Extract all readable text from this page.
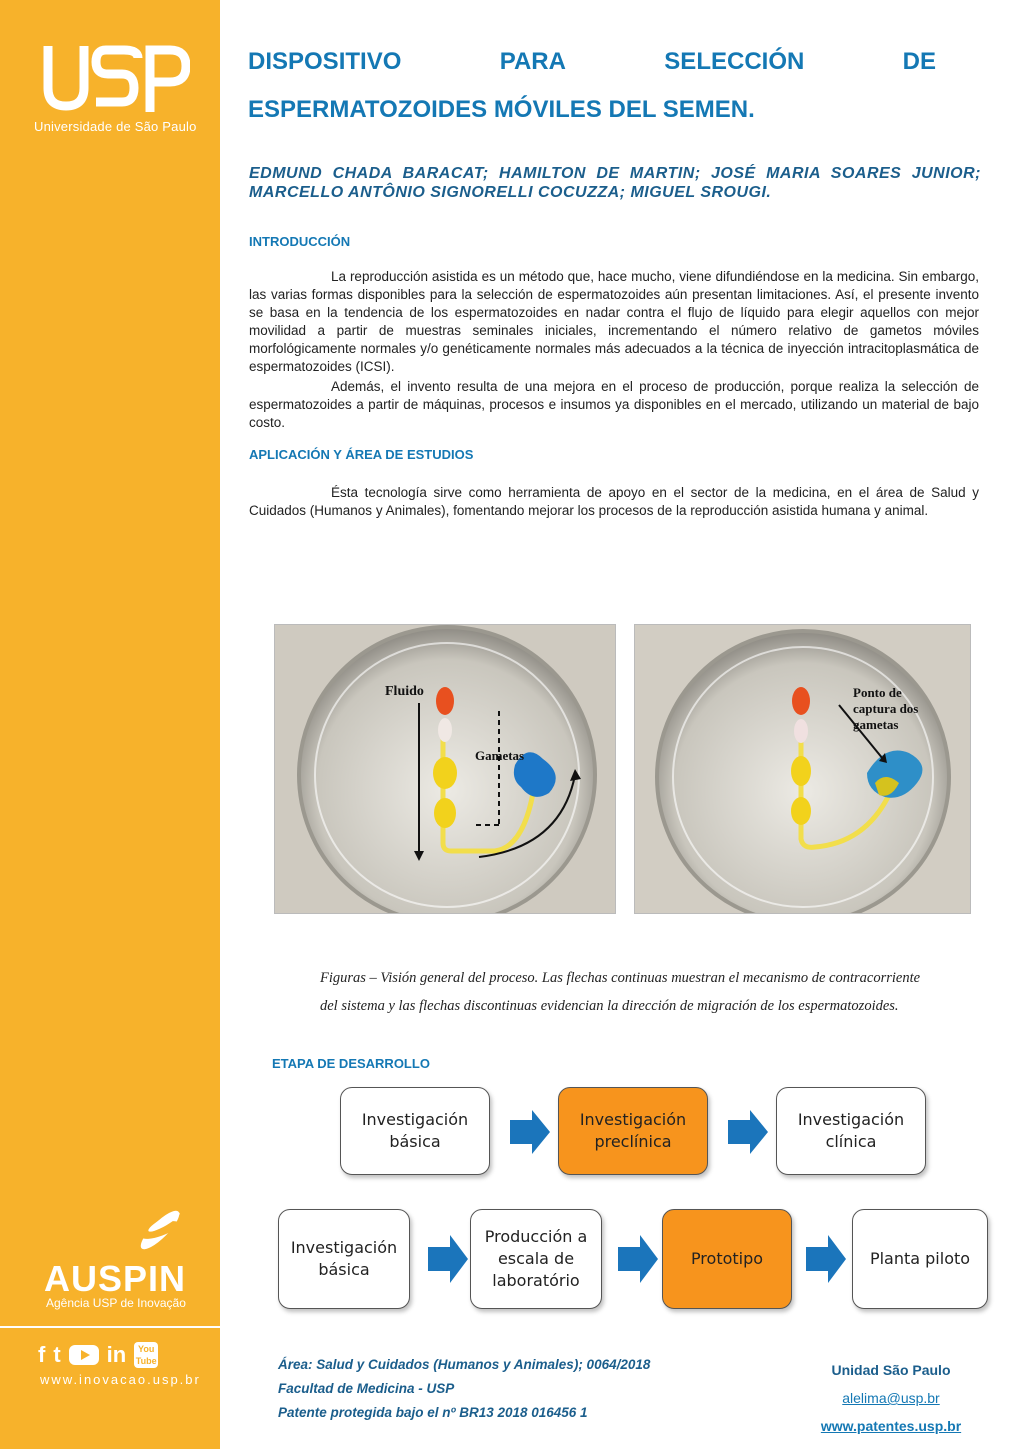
Universidade de São Paulo
AUSPIN
Agência USP de Inovação
f t in	You Tube
www.inovacao.usp.br
DISPOSITIVO	PARA	SELECCIÓN	DE
ESPERMATOZOIDES MÓVILES DEL SEMEN.
EDMUND CHADA BARACAT; HAMILTON DE MARTIN; JOSÉ MARIA SOARES JUNIOR; MARCELLO ANTÔNIO SIGNORELLI COCUZZA; MIGUEL SROUGI.
INTRODUCCIÓN
La reproducción asistida es un método que, hace mucho, viene difundiéndose en la medicina. Sin embargo, las varias formas disponibles para la selección de espermatozoides aún presentan limitaciones. Así, el presente invento se basa en la tendencia de los espermatozoides en nadar contra el flujo de líquido para elegir aquellos con mejor movilidad a partir de muestras seminales iniciales, incrementando el número relativo de gametos móviles morfológicamente normales y/o genéticamente normales más adecuados a la técnica de inyección intracitoplasmática de espermatozoides (ICSI).
Además, el invento resulta de una mejora en el proceso de producción, porque realiza la selección de espermatozoides a partir de máquinas, procesos e insumos ya disponibles en el mercado, utilizando un material de bajo costo.
APLICACIÓN Y ÁREA DE ESTUDIOS
Ésta tecnología sirve como herramienta de apoyo en el sector de la medicina, en el área de Salud y Cuidados (Humanos y Animales), fomentando mejorar los procesos de la reproducción asistida humana y animal.
Fluido
Gametas
Ponto de
captura dos
gametas
Figuras – Visión general del proceso. Las flechas continuas muestran el mecanismo de contracorriente
del sistema y las flechas discontinuas evidencian la dirección de migración de los espermatozoides.
ETAPA DE DESARROLLO
Investigación básica
Investigación preclínica
Investigación clínica
Investigación básica
Producción a escala de laboratório
Prototipo	Planta piloto
Área: Salud y Cuidados (Humanos y Animales); 0064/2018
Facultad de Medicina - USP
Patente protegida bajo el nº BR13 2018 016456 1
Unidad São Paulo
alelima@usp.br
www.patentes.usp.br
